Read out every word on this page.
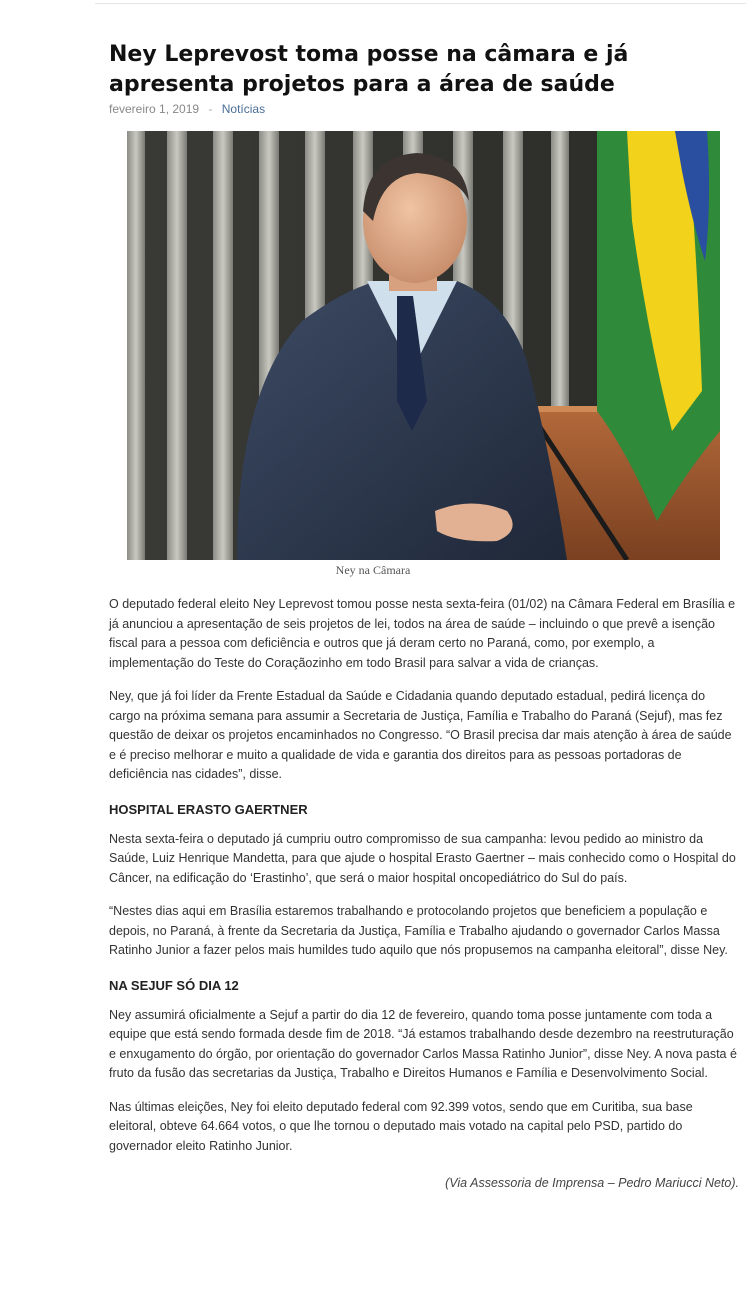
Ney Leprevost toma posse na câmara e já apresenta projetos para a área de saúde
fevereiro 1, 2019 - Notícias
Ney na Câmara

O deputado federal eleito Ney Leprevost tomou posse nesta sexta-feira (01/02) na Câmara Federal em Brasília e já anunciou a apresentação de seis projetos de lei, todos na área de saúde – incluindo o que prevê a isenção fiscal para a pessoa com deficiência e outros que já deram certo no Paraná, como, por exemplo, a implementação do Teste do Coraçãozinho em todo Brasil para salvar a vida de crianças.

Ney, que já foi líder da Frente Estadual da Saúde e Cidadania quando deputado estadual, pedirá licença do cargo na próxima semana para assumir a Secretaria de Justiça, Família e Trabalho do Paraná (Sejuf), mas fez questão de deixar os projetos encaminhados no Congresso. “O Brasil precisa dar mais atenção à área de saúde e é preciso melhorar e muito a qualidade de vida e garantia dos direitos para as pessoas portadoras de deficiência nas cidades”, disse.

HOSPITAL ERASTO GAERTNER

Nesta sexta-feira o deputado já cumpriu outro compromisso de sua campanha: levou pedido ao ministro da Saúde, Luiz Henrique Mandetta, para que ajude o hospital Erasto Gaertner – mais conhecido como o Hospital do Câncer, na edificação do ‘Erastinho’, que será o maior hospital oncopediátrico do Sul do país.

“Nestes dias aqui em Brasília estaremos trabalhando e protocolando projetos que beneficiem a população e depois, no Paraná, à frente da Secretaria da Justiça, Família e Trabalho ajudando o governador Carlos Massa Ratinho Junior a fazer pelos mais humildes tudo aquilo que nós propusemos na campanha eleitoral”, disse Ney.

NA SEJUF SÓ DIA 12

Ney assumirá oficialmente a Sejuf a partir do dia 12 de fevereiro, quando toma posse juntamente com toda a equipe que está sendo formada desde fim de 2018. “Já estamos trabalhando desde dezembro na reestruturação e enxugamento do órgão, por orientação do governador Carlos Massa Ratinho Junior”, disse Ney. A nova pasta é fruto da fusão das secretarias da Justiça, Trabalho e Direitos Humanos e Família e Desenvolvimento Social.

Nas últimas eleições, Ney foi eleito deputado federal com 92.399 votos, sendo que em Curitiba, sua base eleitoral, obteve 64.664 votos, o que lhe tornou o deputado mais votado na capital pelo PSD, partido do governador eleito Ratinho Junior.

(Via Assessoria de Imprensa – Pedro Mariucci Neto).
